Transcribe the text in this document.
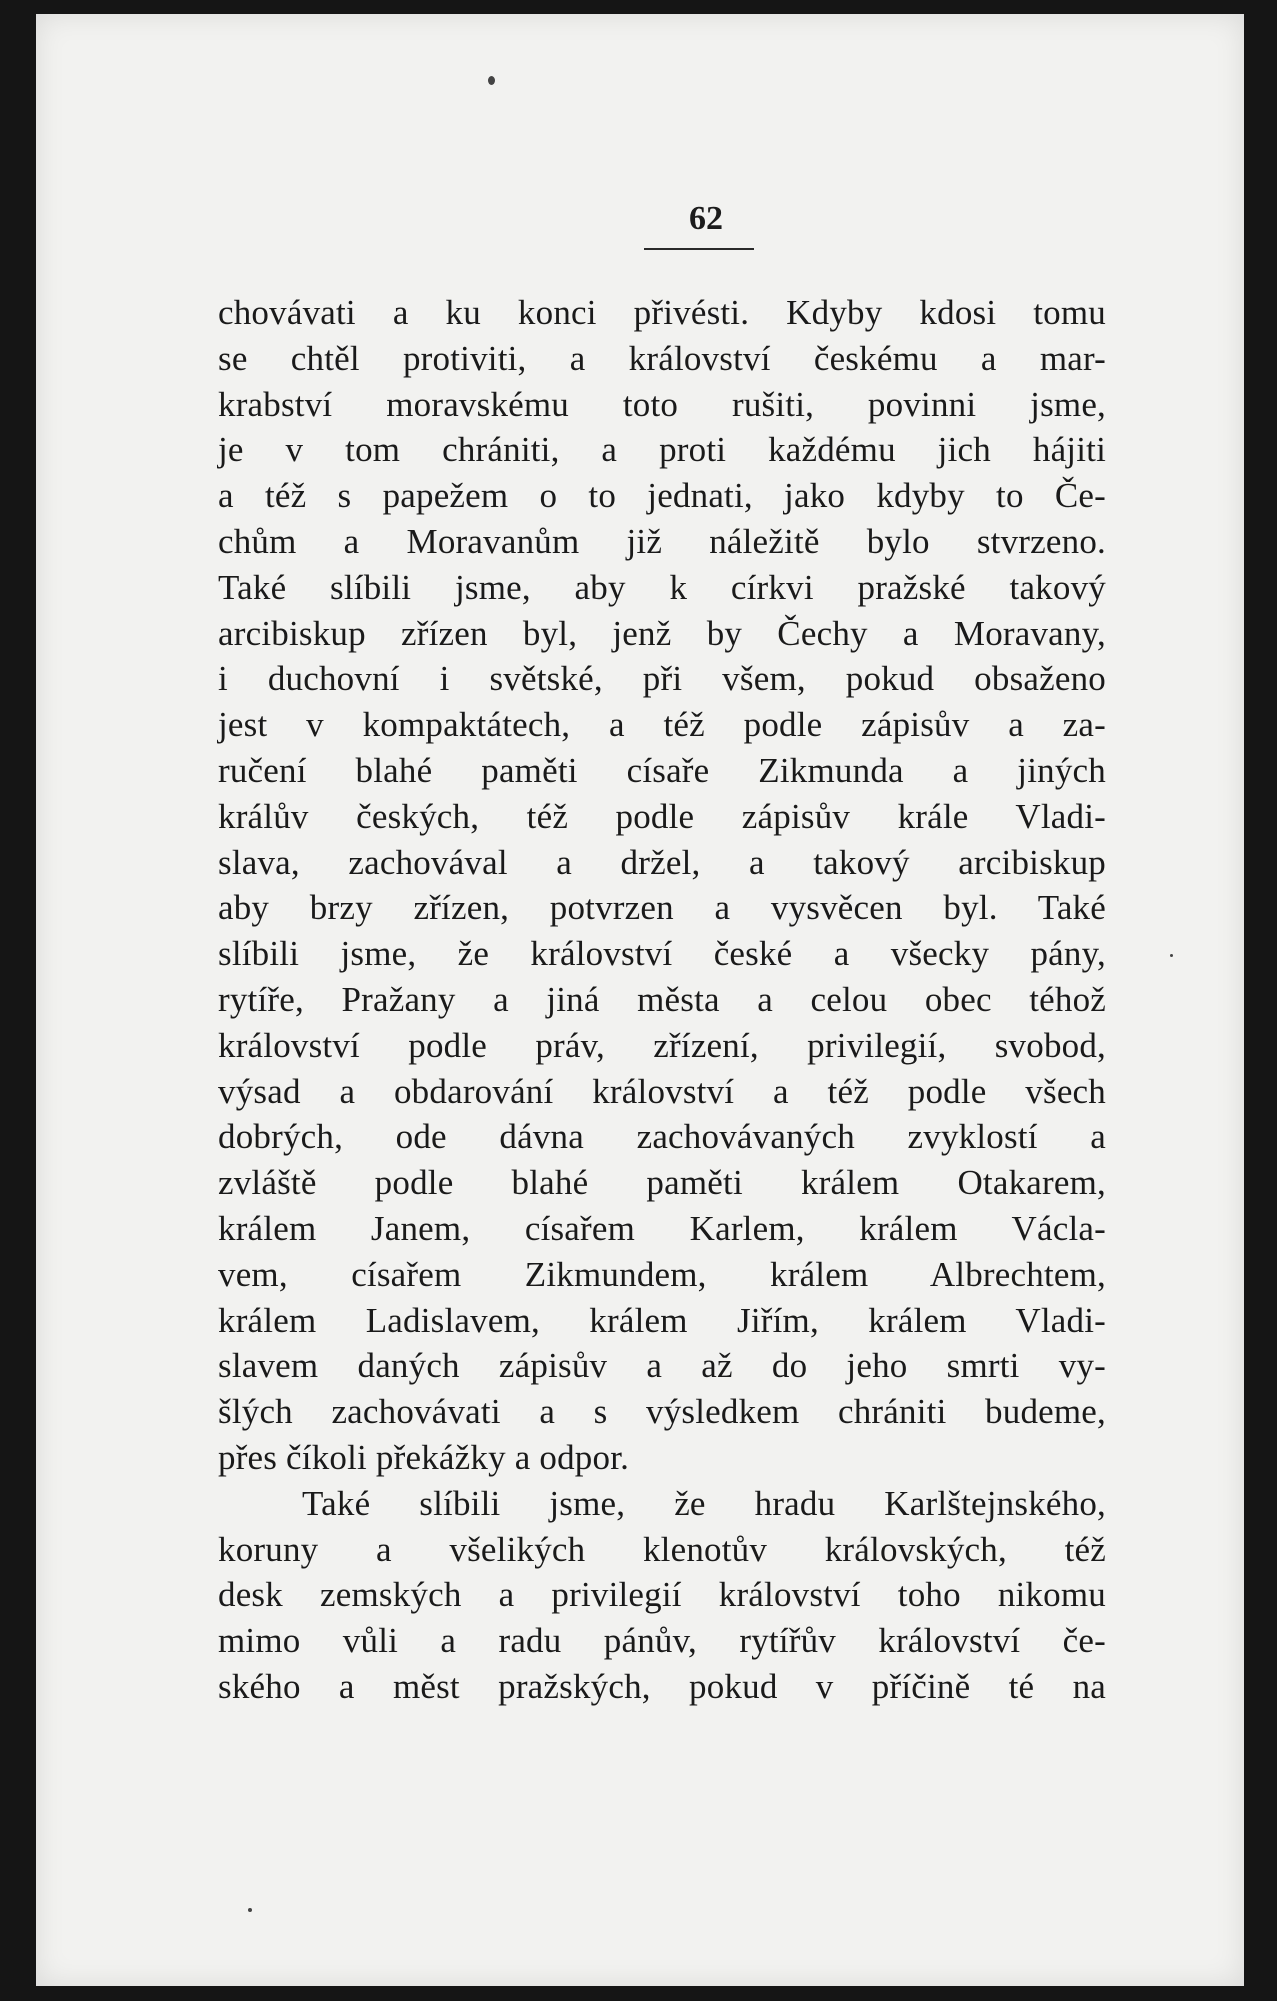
62
chovávati a ku konci přivésti. Kdyby kdosi tomu
se chtěl protiviti, a království českému a mar-
krabství moravskému toto rušiti, povinni jsme,
je v tom chrániti, a proti každému jich hájiti
a též s papežem o to jednati, jako kdyby to Če-
chům a Moravanům již náležitě bylo stvrzeno.
Také slíbili jsme, aby k církvi pražské takový
arcibiskup zřízen byl, jenž by Čechy a Moravany,
i duchovní i světské, při všem, pokud obsaženo
jest v kompaktátech, a též podle zápisův a za-
ručení blahé paměti císaře Zikmunda a jiných
králův českých, též podle zápisův krále Vladi-
slava, zachovával a držel, a takový arcibiskup
aby brzy zřízen, potvrzen a vysvěcen byl. Také
slíbili jsme, že království české a všecky pány,
rytíře, Pražany a jiná města a celou obec téhož
království podle práv, zřízení, privilegií, svobod,
výsad a obdarování království a též podle všech
dobrých, ode dávna zachovávaných zvyklostí a
zvláště podle blahé paměti králem Otakarem,
králem Janem, císařem Karlem, králem Václa-
vem, císařem Zikmundem, králem Albrechtem,
králem Ladislavem, králem Jiřím, králem Vladi-
slavem daných zápisův a až do jeho smrti vy-
šlých zachovávati a s výsledkem chrániti budeme,
přes číkoli překážky a odpor.
Také slíbili jsme, že hradu Karlštejnského,
koruny a všelikých klenotův královských, též
desk zemských a privilegií království toho nikomu
mimo vůli a radu pánův, rytířův království če-
ského a měst pražských, pokud v příčině té na
